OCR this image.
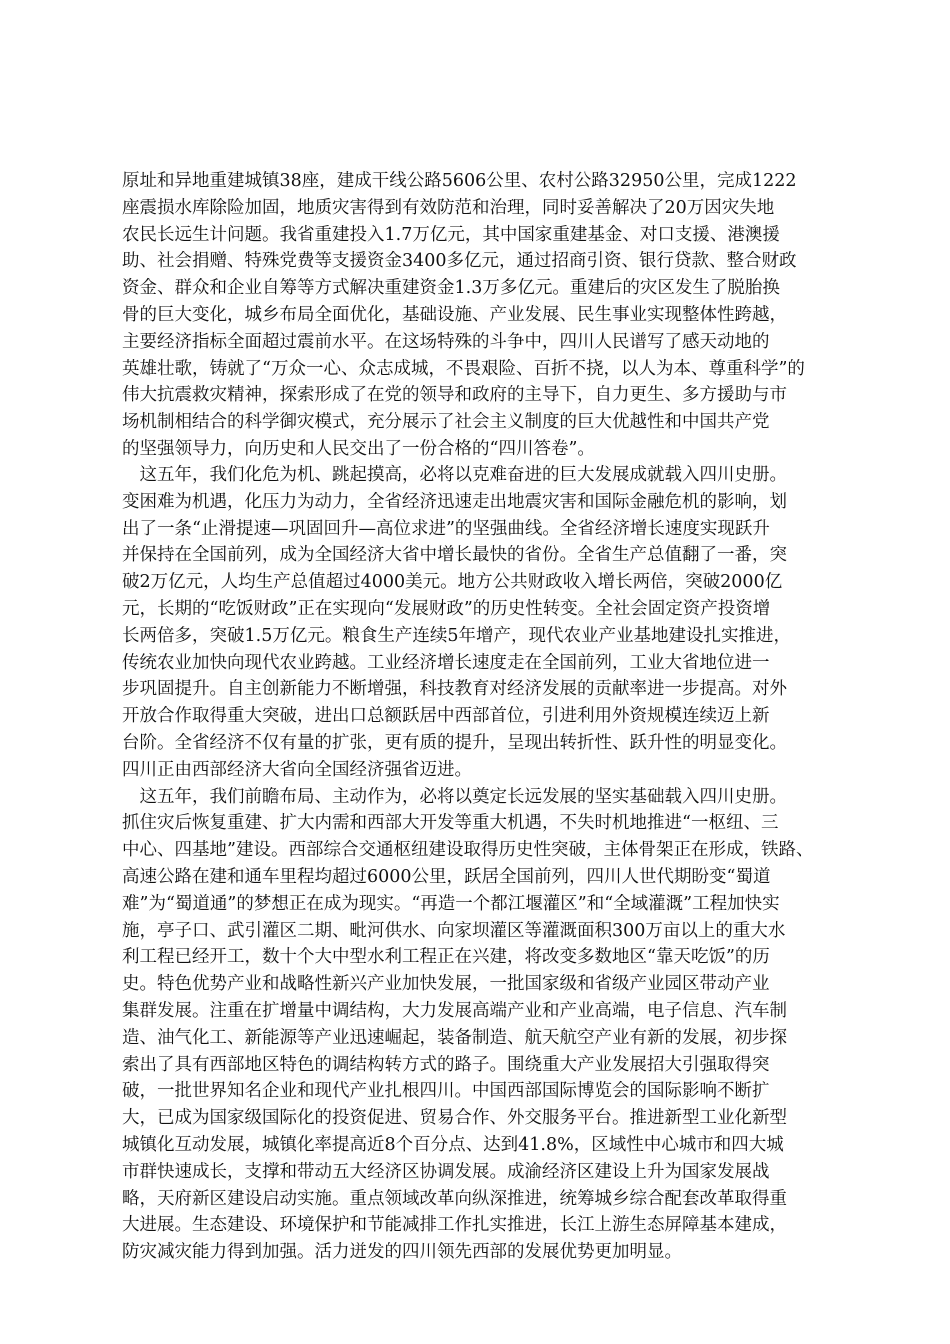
原址和异地重建城镇38座，建成干线公路5606公里、农村公路32950公里，完成1222
座震损水库除险加固，地质灾害得到有效防范和治理，同时妥善解决了20万因灾失地
农民长远生计问题。我省重建投入1.7万亿元，其中国家重建基金、对口支援、港澳援
助、社会捐赠、特殊党费等支援资金3400多亿元，通过招商引资、银行贷款、整合财政
资金、群众和企业自筹等方式解决重建资金1.3万多亿元。重建后的灾区发生了脱胎换
骨的巨大变化，城乡布局全面优化，基础设施、产业发展、民生事业实现整体性跨越，
主要经济指标全面超过震前水平。在这场特殊的斗争中，四川人民谱写了感天动地的
英雄壮歌，铸就了“万众一心、众志成城，不畏艰险、百折不挠，以人为本、尊重科学”的
伟大抗震救灾精神，探索形成了在党的领导和政府的主导下，自力更生、多方援助与市
场机制相结合的科学御灾模式，充分展示了社会主义制度的巨大优越性和中国共产党
的坚强领导力，向历史和人民交出了一份合格的“四川答卷”。
　这五年，我们化危为机、跳起摸高，必将以克难奋进的巨大发展成就载入四川史册。
变困难为机遇，化压力为动力，全省经济迅速走出地震灾害和国际金融危机的影响，划
出了一条“止滑提速—巩固回升—高位求进”的坚强曲线。全省经济增长速度实现跃升
并保持在全国前列，成为全国经济大省中增长最快的省份。全省生产总值翻了一番，突
破2万亿元，人均生产总值超过4000美元。地方公共财政收入增长两倍，突破2000亿
元，长期的“吃饭财政”正在实现向“发展财政”的历史性转变。全社会固定资产投资增
长两倍多，突破1.5万亿元。粮食生产连续5年增产，现代农业产业基地建设扎实推进，
传统农业加快向现代农业跨越。工业经济增长速度走在全国前列，工业大省地位进一
步巩固提升。自主创新能力不断增强，科技教育对经济发展的贡献率进一步提高。对外
开放合作取得重大突破，进出口总额跃居中西部首位，引进利用外资规模连续迈上新
台阶。全省经济不仅有量的扩张，更有质的提升，呈现出转折性、跃升性的明显变化。
四川正由西部经济大省向全国经济强省迈进。
　这五年，我们前瞻布局、主动作为，必将以奠定长远发展的坚实基础载入四川史册。
抓住灾后恢复重建、扩大内需和西部大开发等重大机遇，不失时机地推进“一枢纽、三
中心、四基地”建设。西部综合交通枢纽建设取得历史性突破，主体骨架正在形成，铁路、
高速公路在建和通车里程均超过6000公里，跃居全国前列，四川人世代期盼变“蜀道
难”为“蜀道通”的梦想正在成为现实。“再造一个都江堰灌区”和“全域灌溉”工程加快实
施，亭子口、武引灌区二期、毗河供水、向家坝灌区等灌溉面积300万亩以上的重大水
利工程已经开工，数十个大中型水利工程正在兴建，将改变多数地区“靠天吃饭”的历
史。特色优势产业和战略性新兴产业加快发展，一批国家级和省级产业园区带动产业
集群发展。注重在扩增量中调结构，大力发展高端产业和产业高端，电子信息、汽车制
造、油气化工、新能源等产业迅速崛起，装备制造、航天航空产业有新的发展，初步探
索出了具有西部地区特色的调结构转方式的路子。围绕重大产业发展招大引强取得突
破，一批世界知名企业和现代产业扎根四川。中国西部国际博览会的国际影响不断扩
大，已成为国家级国际化的投资促进、贸易合作、外交服务平台。推进新型工业化新型
城镇化互动发展，城镇化率提高近8个百分点、达到41.8%，区域性中心城市和四大城
市群快速成长，支撑和带动五大经济区协调发展。成渝经济区建设上升为国家发展战
略，天府新区建设启动实施。重点领域改革向纵深推进，统筹城乡综合配套改革取得重
大进展。生态建设、环境保护和节能减排工作扎实推进，长江上游生态屏障基本建成，
防灾减灾能力得到加强。活力迸发的四川领先西部的发展优势更加明显。
